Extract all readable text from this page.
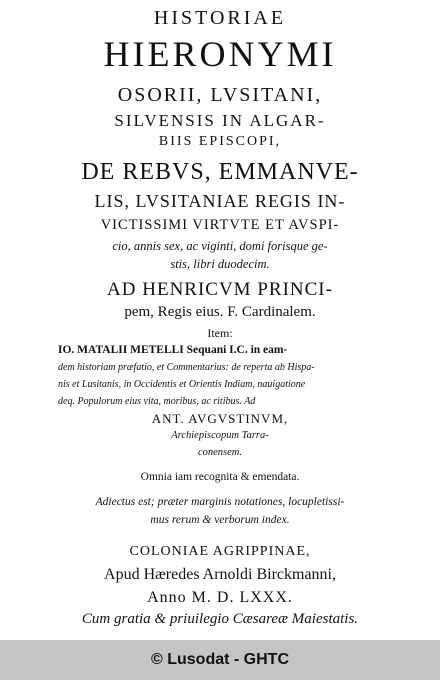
HISTORIAE
HIERONYMI
OSORII, LVSITANI,
SILVENSIS IN ALGAR-
BIIS EPISCOPI,
DE REBVS, EMMANVE-
LIS, LVSITANIAE REGIS IN-
VICTISSIMI VIRTVTE ET AVSPI-
cio, annis sex, ac viginti, domi forisque ge-
stis, libri duodecim.
AD HENRICVM PRINCI-
pem, Regis eius. F. Cardinalem.
Item:
IO. MATALII METELLI Sequani I.C. in eam-
dem historiam præfatio, et Commentarius: de reperta ab Hispa-
nis et Lusitanis, in Occidentis et Orientis Indiam, nauigatione
deq. Populorum eius vita, moribus, ac ritibus. Ad
ANT. AVGVSTINVM,
Archiepiscopum Tarra-
conensem.
Omnia iam recognita & emendata.
Adiectus est; præter marginis notationes, locupletissi-
mus rerum & verborum index.
COLONIAE AGRIPPINAE,
Apud Hæredes Arnoldi Birckmanni,
Anno M. D. LXXX.
Cum gratia & priuilegio Cæsareæ Maiestatis.
© Lusodat - GHTC
